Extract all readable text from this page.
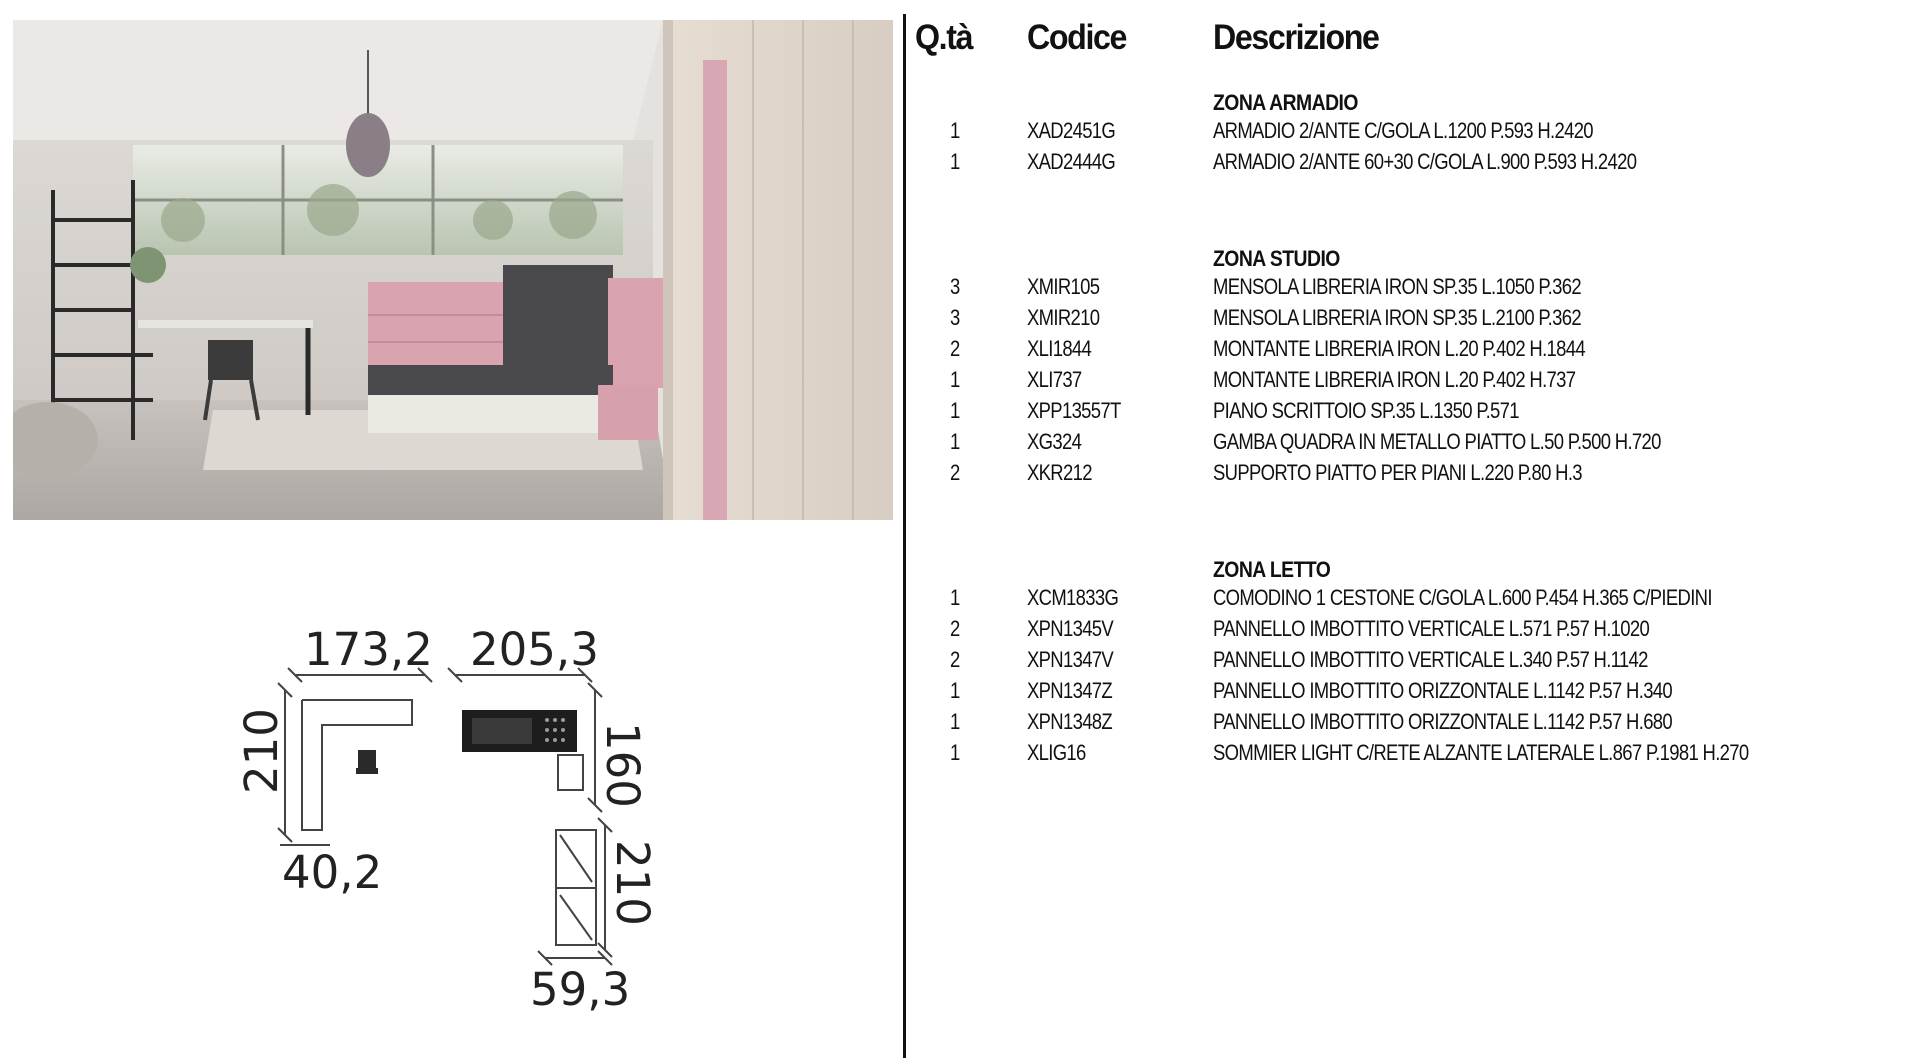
173,2 205,3
210	160
210
40,2
59,3
Q.tà Codice Descrizione
ZONA ARMADIO
1	XAD2451G	ARMADIO 2/ANTE C/GOLA L.1200 P.593 H.2420
1	XAD2444G	ARMADIO 2/ANTE 60+30 C/GOLA L.900 P.593 H.2420
ZONA STUDIO
3	XMIR105	MENSOLA LIBRERIA IRON SP.35 L.1050 P.362
3	XMIR210	MENSOLA LIBRERIA IRON SP.35 L.2100 P.362
2	XLI1844	MONTANTE LIBRERIA IRON L.20 P.402 H.1844
1	XLI737	MONTANTE LIBRERIA IRON L.20 P.402 H.737
1	XPP13557T	PIANO SCRITTOIO SP.35 L.1350 P.571
1	XG324	GAMBA QUADRA IN METALLO PIATTO L.50 P.500 H.720
2	XKR212	SUPPORTO PIATTO PER PIANI L.220 P.80 H.3
ZONA LETTO
1	XCM1833G	COMODINO 1 CESTONE C/GOLA L.600 P.454 H.365 C/PIEDINI
2	XPN1345V	PANNELLO IMBOTTITO VERTICALE L.571 P.57 H.1020
2	XPN1347V	PANNELLO IMBOTTITO VERTICALE L.340 P.57 H.1142
1	XPN1347Z	PANNELLO IMBOTTITO ORIZZONTALE L.1142 P.57 H.340
1	XPN1348Z	PANNELLO IMBOTTITO ORIZZONTALE L.1142 P.57 H.680
1	XLIG16	SOMMIER LIGHT C/RETE ALZANTE LATERALE L.867 P.1981 H.270
